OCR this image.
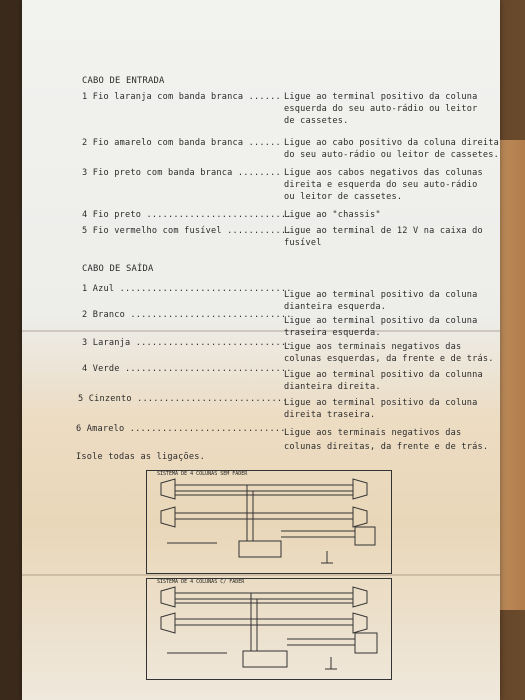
CABO DE ENTRADA
1 Fio laranja com banda branca ...... Ligue ao terminal positivo da coluna
esquerda do seu auto-rádio ou leitor
de cassetes.
2 Fio amarelo com banda branca ...... Ligue ao cabo positivo da coluna direita
do seu auto-rádio ou leitor de cassetes.
3 Fio preto com banda branca ........ Ligue aos cabos negativos das colunas
direita e esquerda do seu auto-rádio
ou leitor de cassetes.
4 Fio preto ...........................
Ligue ao "chassis"
5 Fio vermelho com fusível ............
Ligue ao terminal de 12 V na caixa do
fusível
CABO DE SAÍDA
1 Azul ................................
Ligue ao terminal positivo da coluna
dianteira esquerda.
2 Branco ..............................
Ligue ao terminal positivo da coluna
traseira esquerda.
3 Laranja .............................
Ligue aos terminais negativos das
colunas esquerdas, da frente e de trás.
4 Verde ...............................
Ligue ao terminal positivo da colunna
dianteira direita.
5 Cinzento ............................
Ligue ao terminal positivo da coluna
direita traseira.
6 Amarelo .............................
Ligue aos terminais negativos das
colunas direitas, da frente e de trás.
Isole todas as ligações.
SISTEMA DE 4 COLUNAS SEM FADER
SISTEMA DE 4 COLUNAS C/ FADER
